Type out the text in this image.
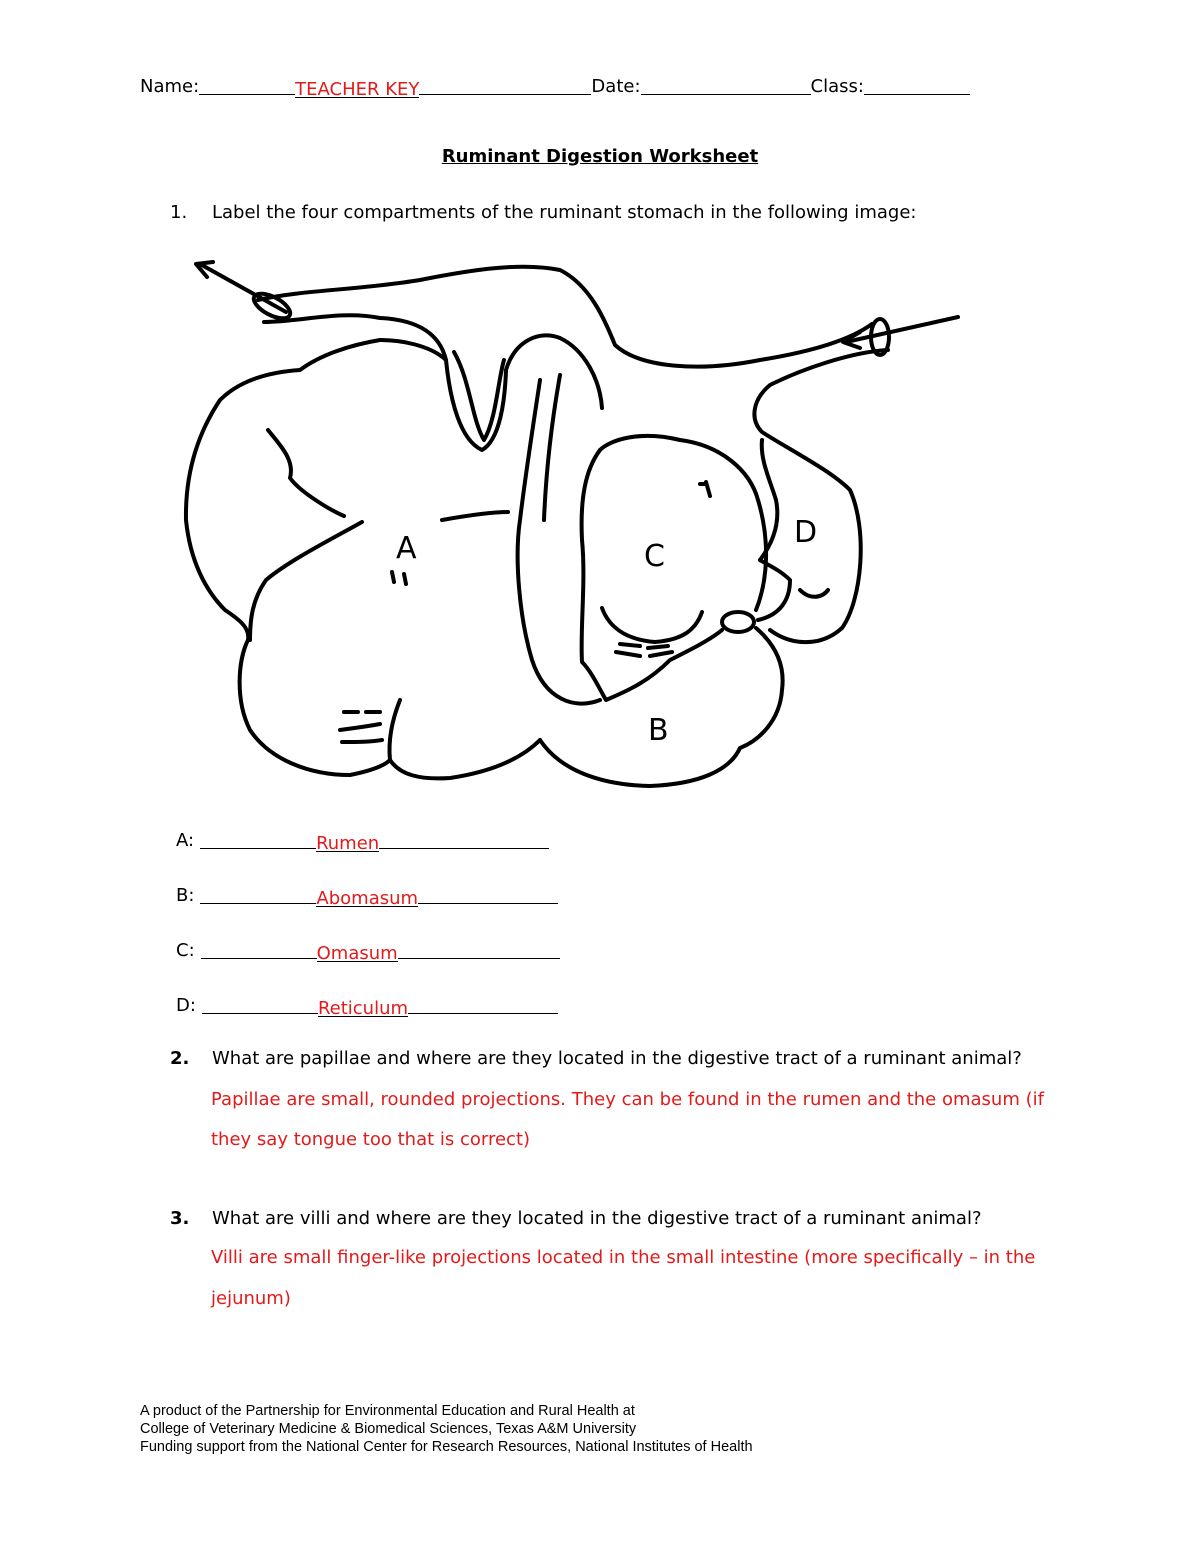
Name:	TEACHER KEY	Date:	Class:
Ruminant Digestion Worksheet
1. Label the four compartments of the ruminant stomach in the following image:
A	C
D
B
A:	Rumen
B:	Abomasum
C:	Omasum
D:	Reticulum
2. What are papillae and where are they located in the digestive tract of a ruminant animal?
Papillae are small, rounded projections. They can be found in the rumen and the omasum (if
they say tongue too that is correct)
3. What are villi and where are they located in the digestive tract of a ruminant animal?
Villi are small finger-like projections located in the small intestine (more specifically – in the
jejunum)
A product of the Partnership for Environmental Education and Rural Health at
College of Veterinary Medicine & Biomedical Sciences, Texas A&M University
Funding support from the National Center for Research Resources, National Institutes of Health
